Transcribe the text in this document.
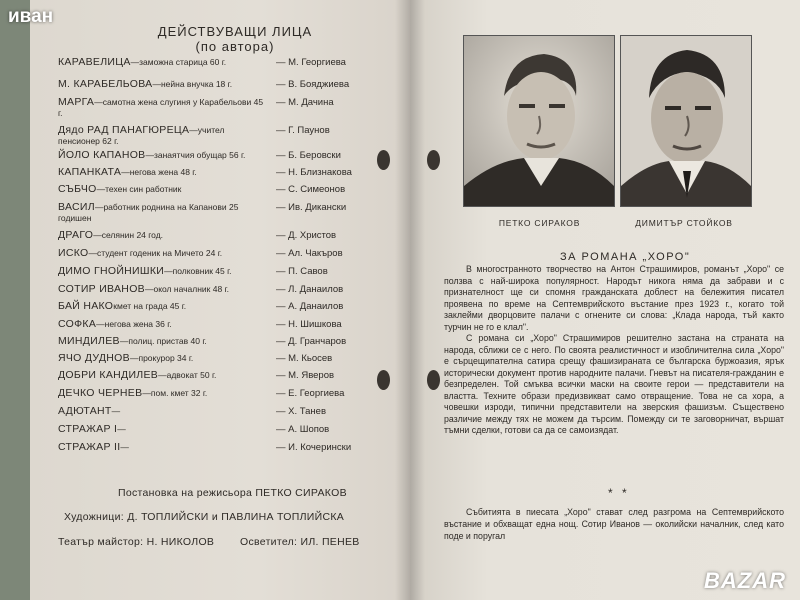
иван
BAZAR
ДЕЙСТВУВАЩИ ЛИЦА
(по автора)
КАРАВЕЛИЦА—заможна старица 60 г.	— М. Георгиева
М. КАРАБЕЛЬОВА—нейна внучка 18 г.	— В. Бояджиева
МАРГА—самотна жена слугиня у Карабельови 45 г.
— М. Дачина
Дядо РАД ПАНАГЮРЕЦА—учител пенсионер 62 г.
— Г. Паунов
ЙОЛО КАПАНОВ—занаятчия обущар 56 г.	— Б. Беровски
КАПАНКАТА—негова жена 48 г.	— Н. Близнакова
СЪБЧО—техен син работник	— С. Симеонов
ВАСИЛ—работник роднина на Капанови 25 годишен
— Ив. Дикански
ДРАГО—селянин 24 год.	— Д. Христов
ИСКО—студент годеник на Мичето 24 г.	— Ал. Чакъров
ДИМО ГНОЙНИШКИ—полковник 45 г.	— П. Савов
СОТИР ИВАНОВ—окол началник 48 г.	— Л. Данаилов
БАЙ НАКОкмет на града 45 г.	— А. Данаилов
СОФКА—негова жена 36 г.	— Н. Шишкова
МИНДИЛЕВ—полиц. пристав 40 г.	— Д. Гранчаров
ЯЧО ДУДНОВ—прокурор 34 г.	— М. Кьосев
ДОБРИ КАНДИЛЕВ—адвокат 50 г.	— М. Яверов
ДЕЧКО ЧЕРНЕВ—пом. кмет 32 г.	— Е. Георгиева
АДЮТАНТ—	— Х. Танев
СТРАЖАР I—	— А. Шопов
СТРАЖАР II—	— И. Кочерински
Постановка на режисьора ПЕТКО СИРАКОВ
Художници: Д. ТОПЛИЙСКИ и ПАВЛИНА ТОПЛИЙСКА
Театър майстор: Н. НИКОЛОВ Осветител: ИЛ. ПЕНЕВ
ПЕТКО СИРАКОВ	ДИМИТЪР СТОЙКОВ
ЗА РОМАНА „ХОРО"

В многостранното творчество на Антон Страшимиров, романът „Хоро" се ползва с най-широка популярност. Народът никога няма да забрави и с признателност ще си спомня гражданската доблест на бележития писател проявена по време на Септемврийското въстание през 1923 г., когато той заклейми дворцовите палачи с огнените си слова: „Клада народа, тъй както турчин не го е клал".

С романа си „Хоро" Страшимиров решително застана на страната на народа, сближи се с него. По своята реалистичност и изобличителна сила „Хоро" е сърцещипателна сатира срещу фашизираната се българска буржоазия, ярък исторически документ против народните палачи. Гневът на писателя-гражданин е безпределен. Той смъква всички маски на своите герои — представители на властта. Техните образи предизвикват само отвращение. Това не са хора, а човешки изроди, типични представители на зверския фашизъм. Съществено различие между тях не можем да търсим. Помежду си те заговорничат, вършат тъмни сделки, готови са да се самоизядат.

* *

Събитията в пиесата „Хоро" стават след разгрома на Септемврийското въстание и обхващат една нощ. Сотир Иванов — околийски началник, след като поде и поругал
